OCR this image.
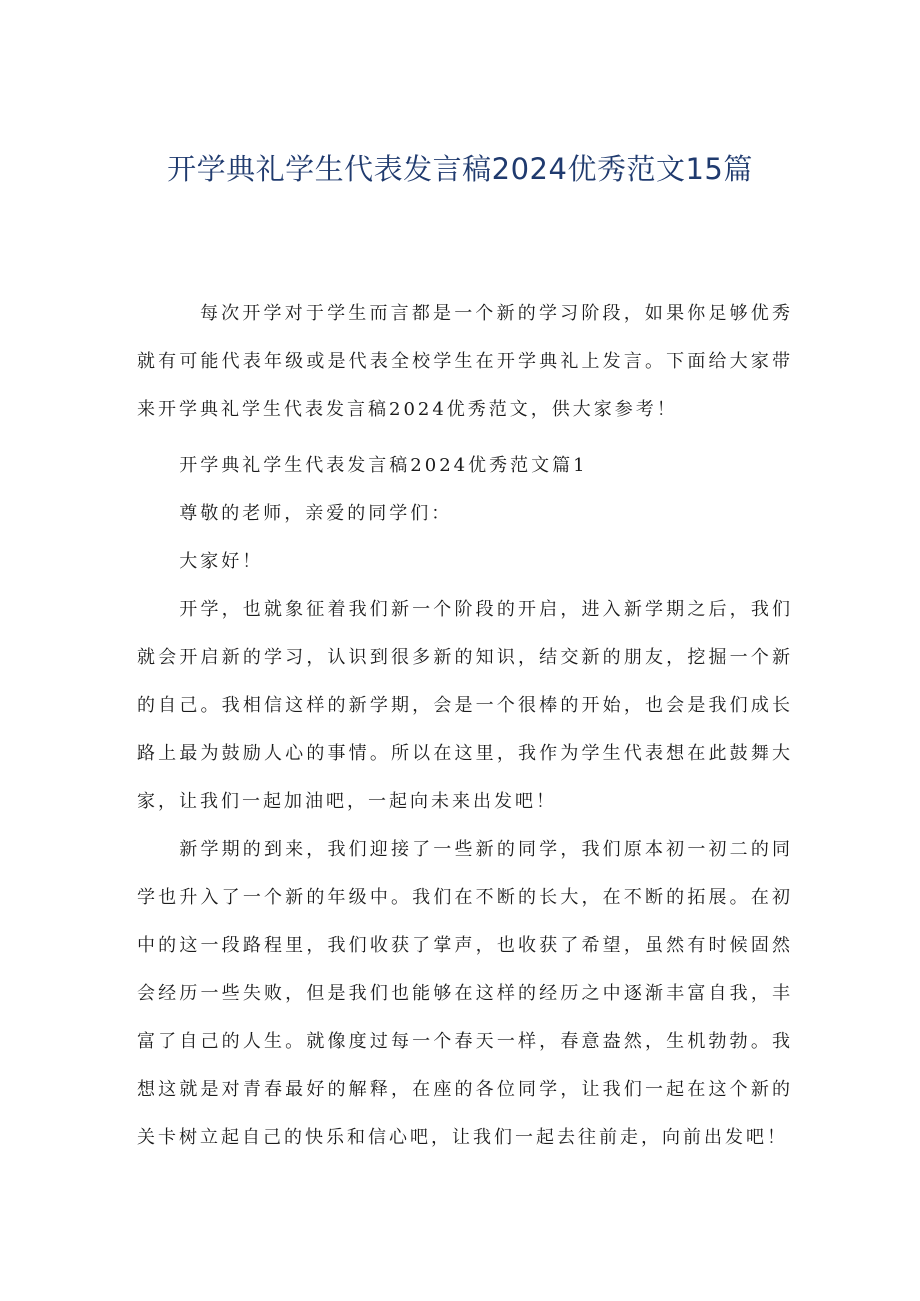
开学典礼学生代表发言稿2024优秀范文15篇

每次开学对于学生而言都是一个新的学习阶段，如果你足够优秀就有可能代表年级或是代表全校学生在开学典礼上发言。下面给大家带来开学典礼学生代表发言稿2024优秀范文，供大家参考！

开学典礼学生代表发言稿2024优秀范文篇1

尊敬的老师，亲爱的同学们：

大家好！

开学，也就象征着我们新一个阶段的开启，进入新学期之后，我们就会开启新的学习，认识到很多新的知识，结交新的朋友，挖掘一个新的自己。我相信这样的新学期，会是一个很棒的开始，也会是我们成长路上最为鼓励人心的事情。所以在这里，我作为学生代表想在此鼓舞大家，让我们一起加油吧，一起向未来出发吧！

新学期的到来，我们迎接了一些新的同学，我们原本初一初二的同学也升入了一个新的年级中。我们在不断的长大，在不断的拓展。在初中的这一段路程里，我们收获了掌声，也收获了希望，虽然有时候固然会经历一些失败，但是我们也能够在这样的经历之中逐渐丰富自我，丰富了自己的人生。就像度过每一个春天一样，春意盎然，生机勃勃。我想这就是对青春最好的解释，在座的各位同学，让我们一起在这个新的关卡树立起自己的快乐和信心吧，让我们一起去往前走，向前出发吧！
